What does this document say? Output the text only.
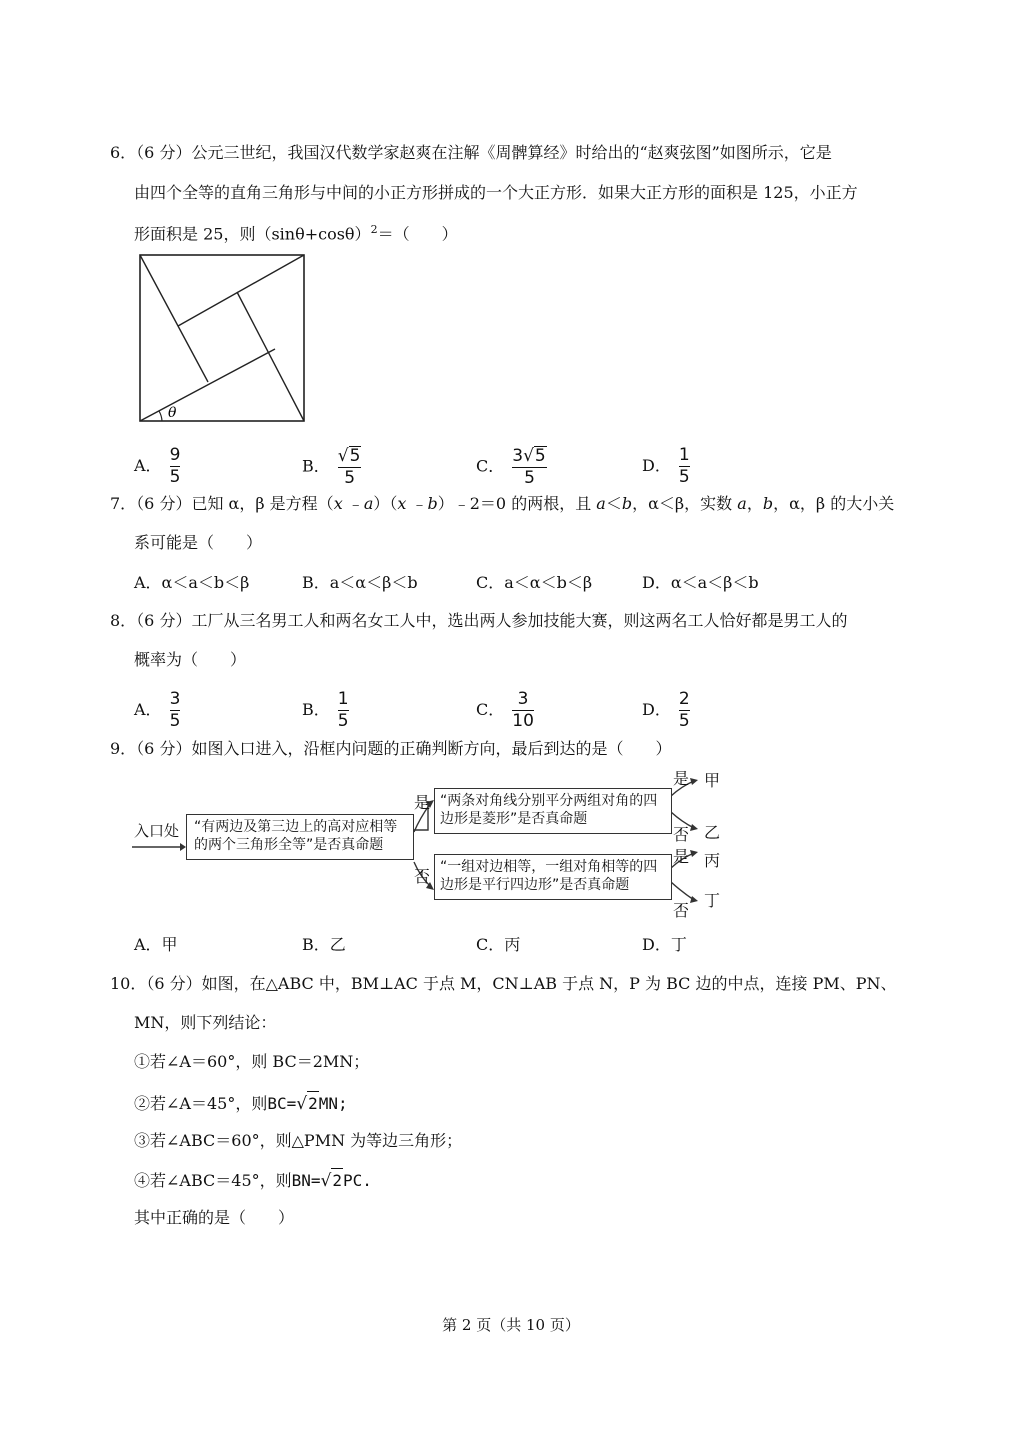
6．（6 分）公元三世纪，我国汉代数学家赵爽在注解《周髀算经》时给出的“赵爽弦图”如图所示，它是
由四个全等的直角三角形与中间的小正方形拼成的一个大正方形．如果大正方形的面积是 125，小正方
形面积是 25，则$(\sin\theta+\cos\theta)^2=$（　　）
θ
A． $\frac{9}{5}$	B． $\frac{√ 5}{5}$	C． $\frac{3 √ 5}{5}$	D． $\frac{1}{5}$
7．（6 分）已知 α，β 是方程（x ﹣a）（x ﹣b）﹣2＝0 的两根，且 a＜b，α＜β，实数 a，b，α，β 的大小关
系可能是（　　）
A．α＜a＜b＜β	B．a＜α＜β＜b	C．a＜α＜b＜β	D．α＜a＜β＜b
8．（6 分）工厂从三名男工人和两名女工人中，选出两人参加技能大赛，则这两名工人恰好都是男工人的
概率为（　　）
A． $\frac{3}{5}$	B． $\frac{1}{5}$	C． $\frac{3}{10}$	D． $\frac{2}{5}$
9．（6 分）如图入口进入，沿框内问题的正确判断方向，最后到达的是（　　）
入口处 “有两边及第三边上的高对应相等
的两个三角形全等”是否真命题
是
否
“两条对角线分别平分两组对角的四
边形是菱形”是否真命题
“一组对边相等，一组对角相等的四
边形是平行四边形”是否真命题
是
否
是
否
甲
乙
丙
丁
A．甲	B．乙	C．丙	D．丁
10．（6 分）如图，在△ABC 中，BM⊥AC 于点 M，CN⊥AB 于点 N，P 为 BC 边的中点，连接 PM、PN、
MN，则下列结论：
①若∠A＝60°，则 BC＝2MN；
②若∠A＝45°，则BC= √ 2 MN;
③若∠ABC＝60°，则△PMN 为等边三角形；
④若∠ABC＝45°，则BN= √ 2 PC.
其中正确的是（　　）
第 2 页（共 10 页）
